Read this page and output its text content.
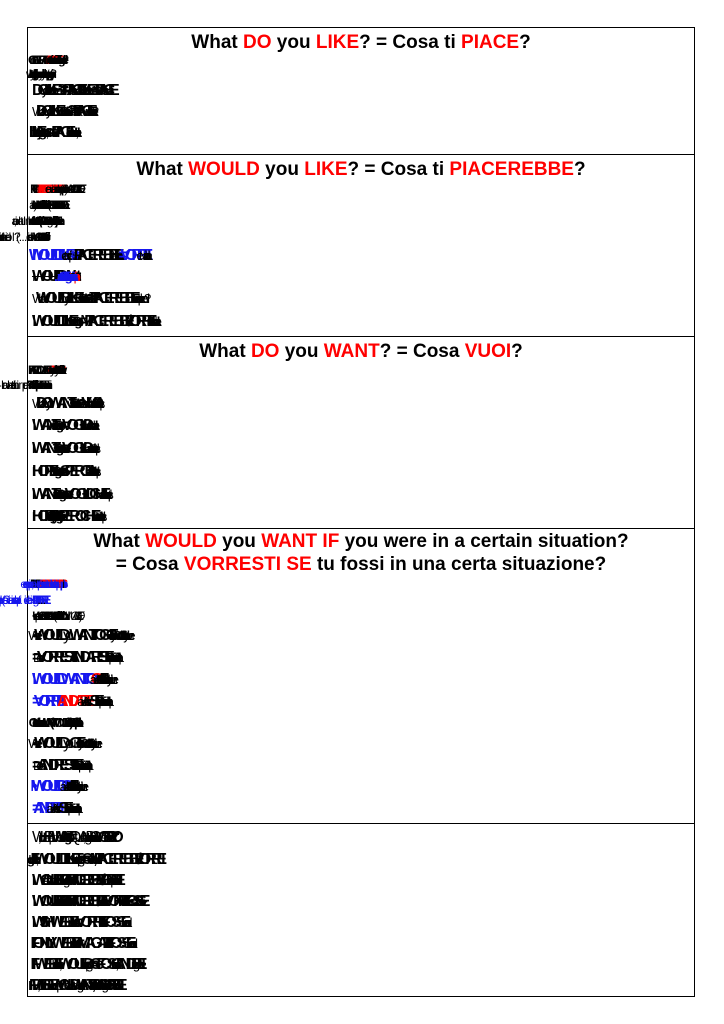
What DO you LIKE? = Cosa ti PIACE?
In GENERALEFA PIACEREgodere?
givespleasurepleasesmakeshappyenjoy?
DOLIKE the cinema? =PIACEI LIKE=PIACE
What DOLIKE TO do at the weekend? =PIACE Fare il weekend?
I LIKE goING=PIACE Andare
What WOULD you LIKE? = Cosa ti PIACEREBBE?
Un'IPOTESIFAREBBE PIACEREse potessoraWOULD LIKE -
Would2°CondizionaleFAREBBE PIACERE
VORREI (letteralmente WOULD WANT)idiomaticamente
VOGLIO
I WOULD LIKE=PIACEREBBE= VORREI
WOULD Want
What WOULDLIKE TO do this weekend? = Cosa TI PIACEREBBE Fare questo weekend?
WOULD LIKE TO go= MI PIACEREBBE / VORREI Andare
What DO you WANT? = Cosa VUOI?
In PARTICOLARECosa DESIDERIwish
What DOWANT TO do this weekend? = Cosa VUOI Fare
WANT TO go= VOGLIO Andare
WANT TO go= VOGLIO andare
HOPE TO go= SPERO DI andare
WANT him TO go= VOGLIO CHE
HOPE= SPERO CHE vada
What WOULD you WANT IF you were in a certain situation?
= Cosa VORRESTI SE tu fossi in una certa situazione?
Un'IPOTESICosa DESIDERESTIFOSSIpotess
DESIDEREI
WOULD WANTNONWOULD LIKE
• Where WOULD you WANT TO GO IFCould Go
= Dove VORRESTI ANDARE SE Potessi Andare
WOULD WANT TO GoIF I Could Go
= VORREI ANDARESE Potessi Andare
* Confronta senza WANT (WOULD + VERB diventa 1 parola in Italiano):
• Where WOULD you Go IFCould Go
= Dove ANDRESTI SE Potessi Andare
WOULD GoIF I Could Go
= ANDREISE Potessi Andare
WHENWANTQUANDOVORRO'
IFWOULD LIKE To= SeMI PIACEREBBE / VORREI
WOULD LIKE To= MI PIACEREBBE / VORREI
WOULD LIKE To= MI PIACEREBBEVORREIFOSSE
WISHWERE= VORREIFOSSE
IF ONLYWERE= MAGARIFOSSE
IFWEREWOULD= Se FOSSIANDREI
WEREWOULD WANT= Se FOSSIVORREI
